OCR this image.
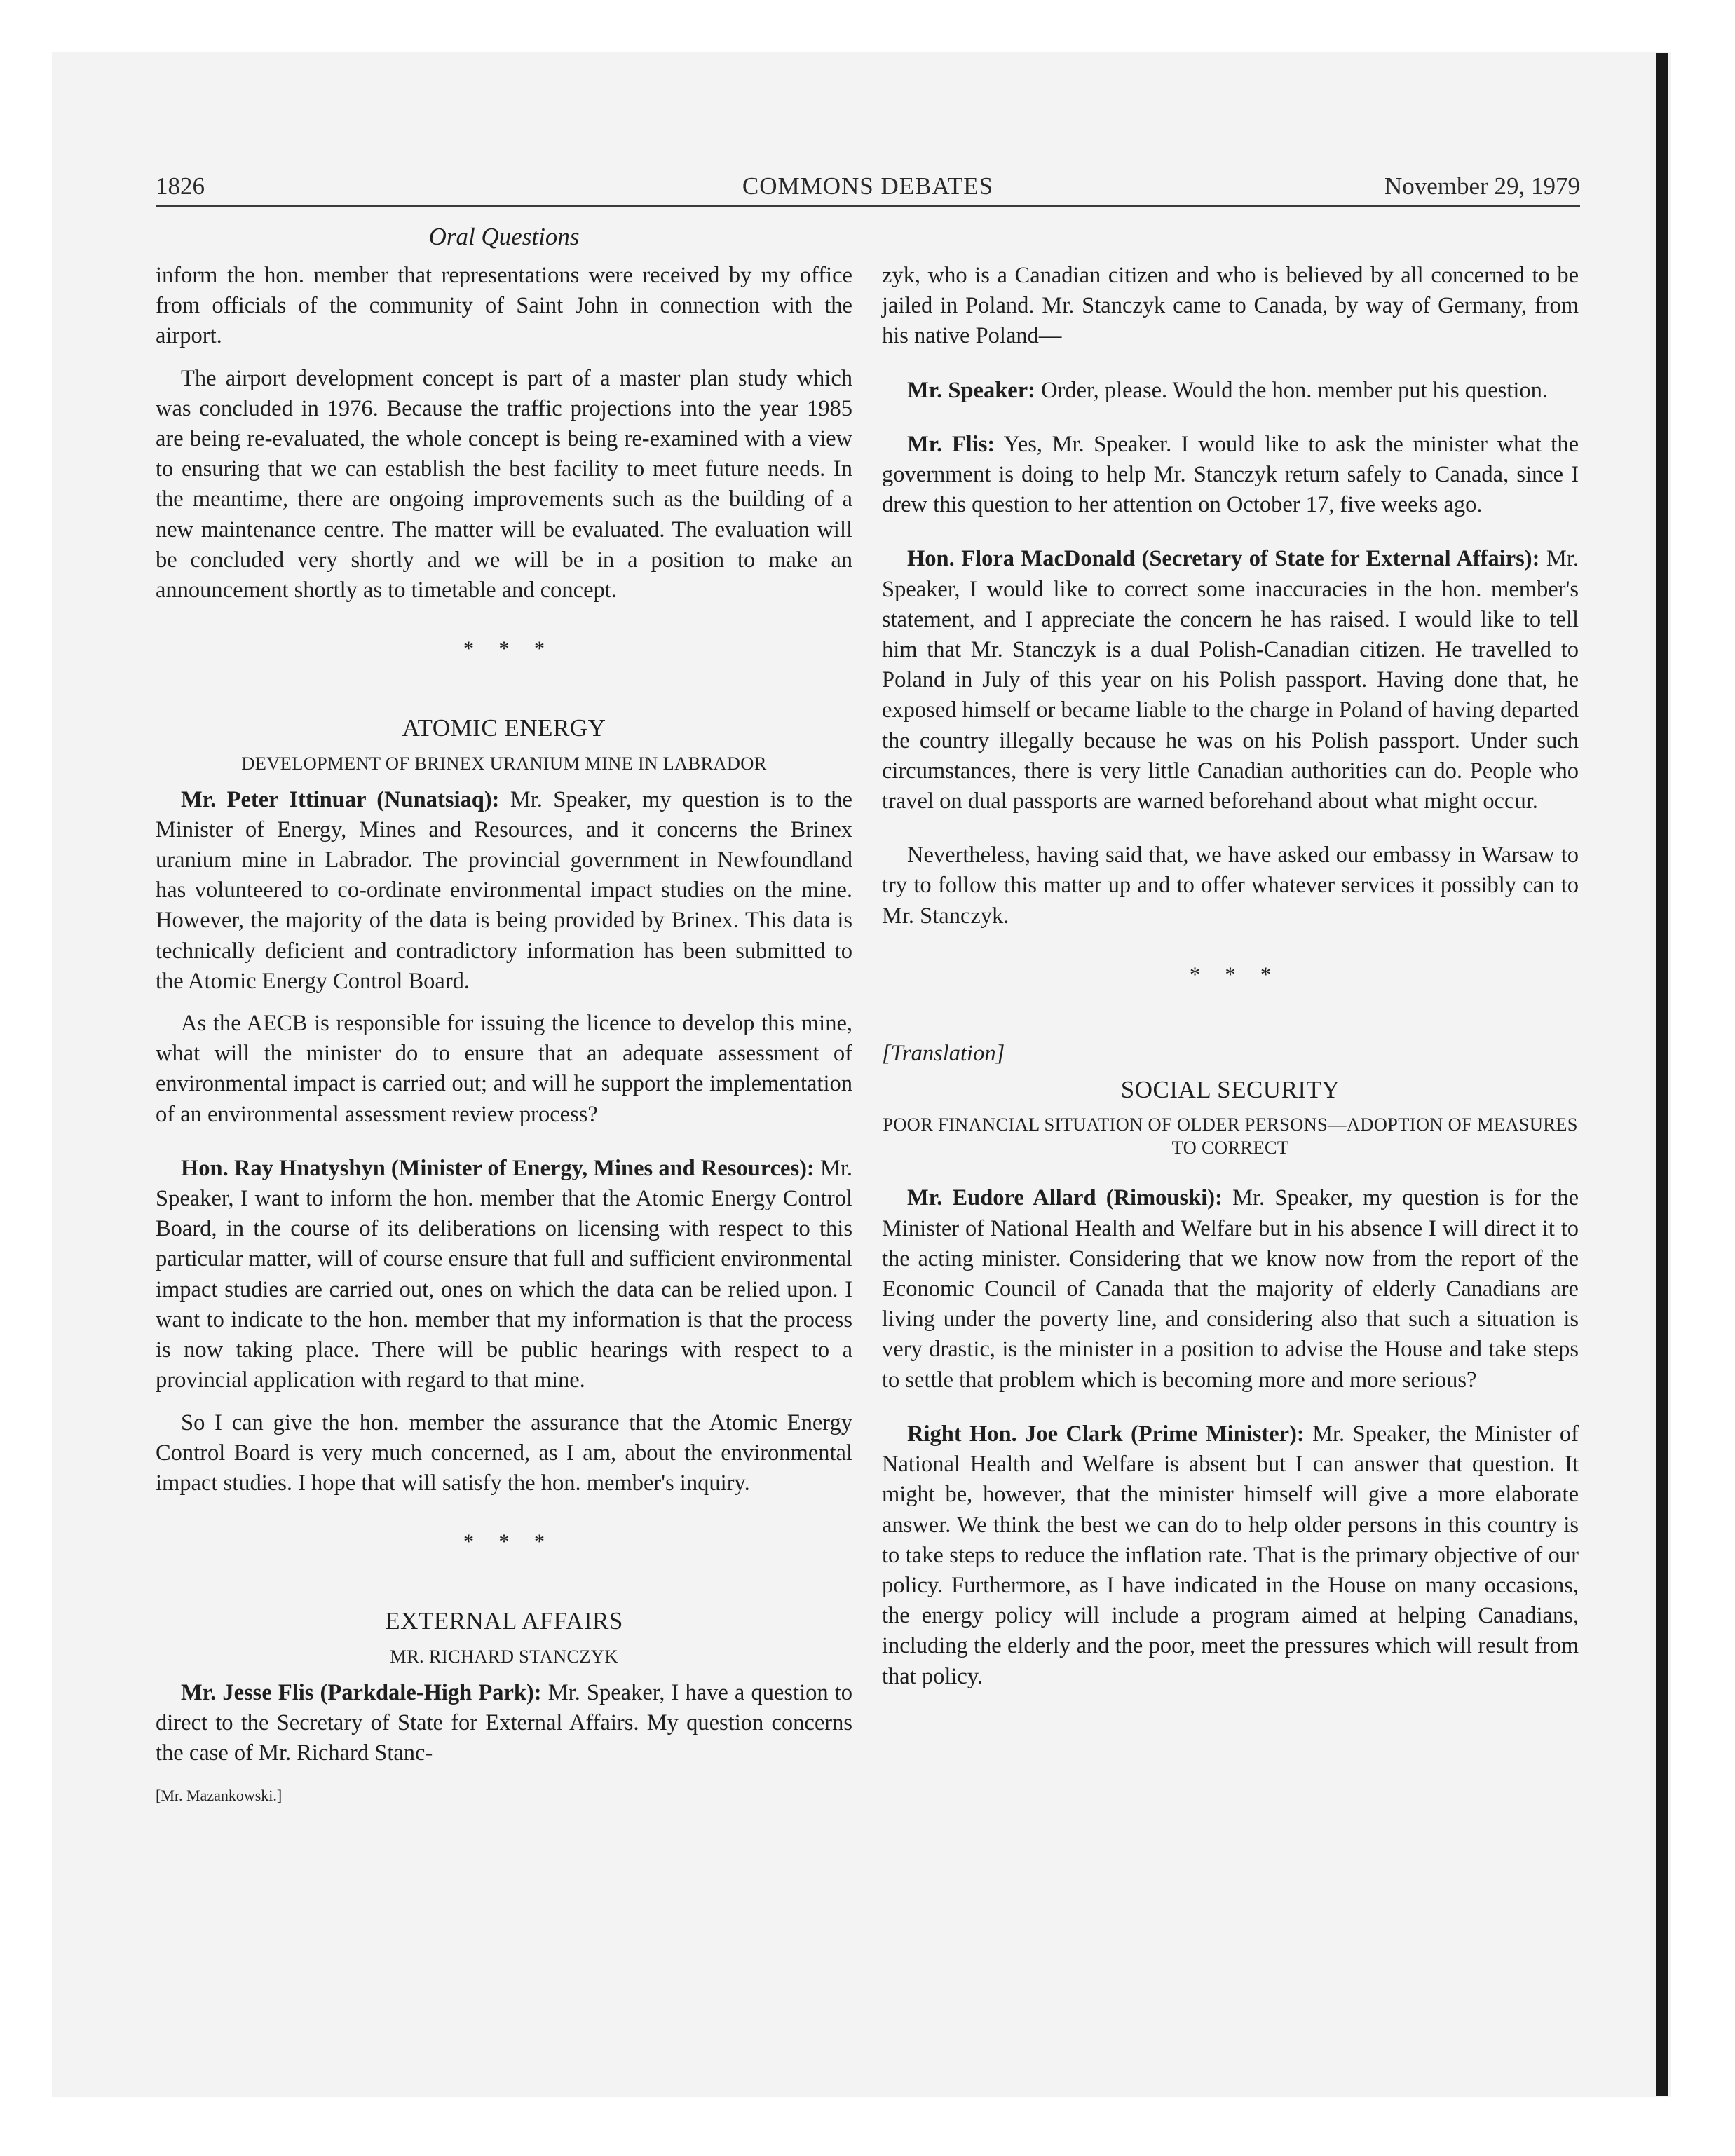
1826	COMMONS DEBATES	November 29, 1979
Oral Questions

inform the hon. member that representations were received by my office from officials of the community of Saint John in connection with the airport.

The airport development concept is part of a master plan study which was concluded in 1976. Because the traffic projections into the year 1985 are being re-evaluated, the whole concept is being re-examined with a view to ensuring that we can establish the best facility to meet future needs. In the meantime, there are ongoing improvements such as the building of a new maintenance centre. The matter will be evaluated. The evaluation will be concluded very shortly and we will be in a position to make an announcement shortly as to timetable and concept.

* * *
ATOMIC ENERGY
DEVELOPMENT OF BRINEX URANIUM MINE IN LABRADOR

Mr. Peter Ittinuar (Nunatsiaq): Mr. Speaker, my question is to the Minister of Energy, Mines and Resources, and it concerns the Brinex uranium mine in Labrador. The provincial government in Newfoundland has volunteered to co-ordinate environmental impact studies on the mine. However, the majority of the data is being provided by Brinex. This data is technically deficient and contradictory information has been submitted to the Atomic Energy Control Board.

As the AECB is responsible for issuing the licence to develop this mine, what will the minister do to ensure that an adequate assessment of environmental impact is carried out; and will he support the implementation of an environmental assessment review process?

Hon. Ray Hnatyshyn (Minister of Energy, Mines and Resources): Mr. Speaker, I want to inform the hon. member that the Atomic Energy Control Board, in the course of its deliberations on licensing with respect to this particular matter, will of course ensure that full and sufficient environmental impact studies are carried out, ones on which the data can be relied upon. I want to indicate to the hon. member that my information is that the process is now taking place. There will be public hearings with respect to a provincial application with regard to that mine.

So I can give the hon. member the assurance that the Atomic Energy Control Board is very much concerned, as I am, about the environmental impact studies. I hope that will satisfy the hon. member's inquiry.

* * *
EXTERNAL AFFAIRS
MR. RICHARD STANCZYK

Mr. Jesse Flis (Parkdale-High Park): Mr. Speaker, I have a question to direct to the Secretary of State for External Affairs. My question concerns the case of Mr. Richard Stanc-

[Mr. Mazankowski.]

zyk, who is a Canadian citizen and who is believed by all concerned to be jailed in Poland. Mr. Stanczyk came to Canada, by way of Germany, from his native Poland—

Mr. Speaker: Order, please. Would the hon. member put his question.

Mr. Flis: Yes, Mr. Speaker. I would like to ask the minister what the government is doing to help Mr. Stanczyk return safely to Canada, since I drew this question to her attention on October 17, five weeks ago.

Hon. Flora MacDonald (Secretary of State for External Affairs): Mr. Speaker, I would like to correct some inaccuracies in the hon. member's statement, and I appreciate the concern he has raised. I would like to tell him that Mr. Stanczyk is a dual Polish-Canadian citizen. He travelled to Poland in July of this year on his Polish passport. Having done that, he exposed himself or became liable to the charge in Poland of having departed the country illegally because he was on his Polish passport. Under such circumstances, there is very little Canadian authorities can do. People who travel on dual passports are warned beforehand about what might occur.

Nevertheless, having said that, we have asked our embassy in Warsaw to try to follow this matter up and to offer whatever services it possibly can to Mr. Stanczyk.

* * *
[Translation]
SOCIAL SECURITY
POOR FINANCIAL SITUATION OF OLDER PERSONS—ADOPTION OF MEASURES TO CORRECT

Mr. Eudore Allard (Rimouski): Mr. Speaker, my question is for the Minister of National Health and Welfare but in his absence I will direct it to the acting minister. Considering that we know now from the report of the Economic Council of Canada that the majority of elderly Canadians are living under the poverty line, and considering also that such a situation is very drastic, is the minister in a position to advise the House and take steps to settle that problem which is becoming more and more serious?

Right Hon. Joe Clark (Prime Minister): Mr. Speaker, the Minister of National Health and Welfare is absent but I can answer that question. It might be, however, that the minister himself will give a more elaborate answer. We think the best we can do to help older persons in this country is to take steps to reduce the inflation rate. That is the primary objective of our policy. Furthermore, as I have indicated in the House on many occasions, the energy policy will include a program aimed at helping Canadians, including the elderly and the poor, meet the pressures which will result from that policy.
